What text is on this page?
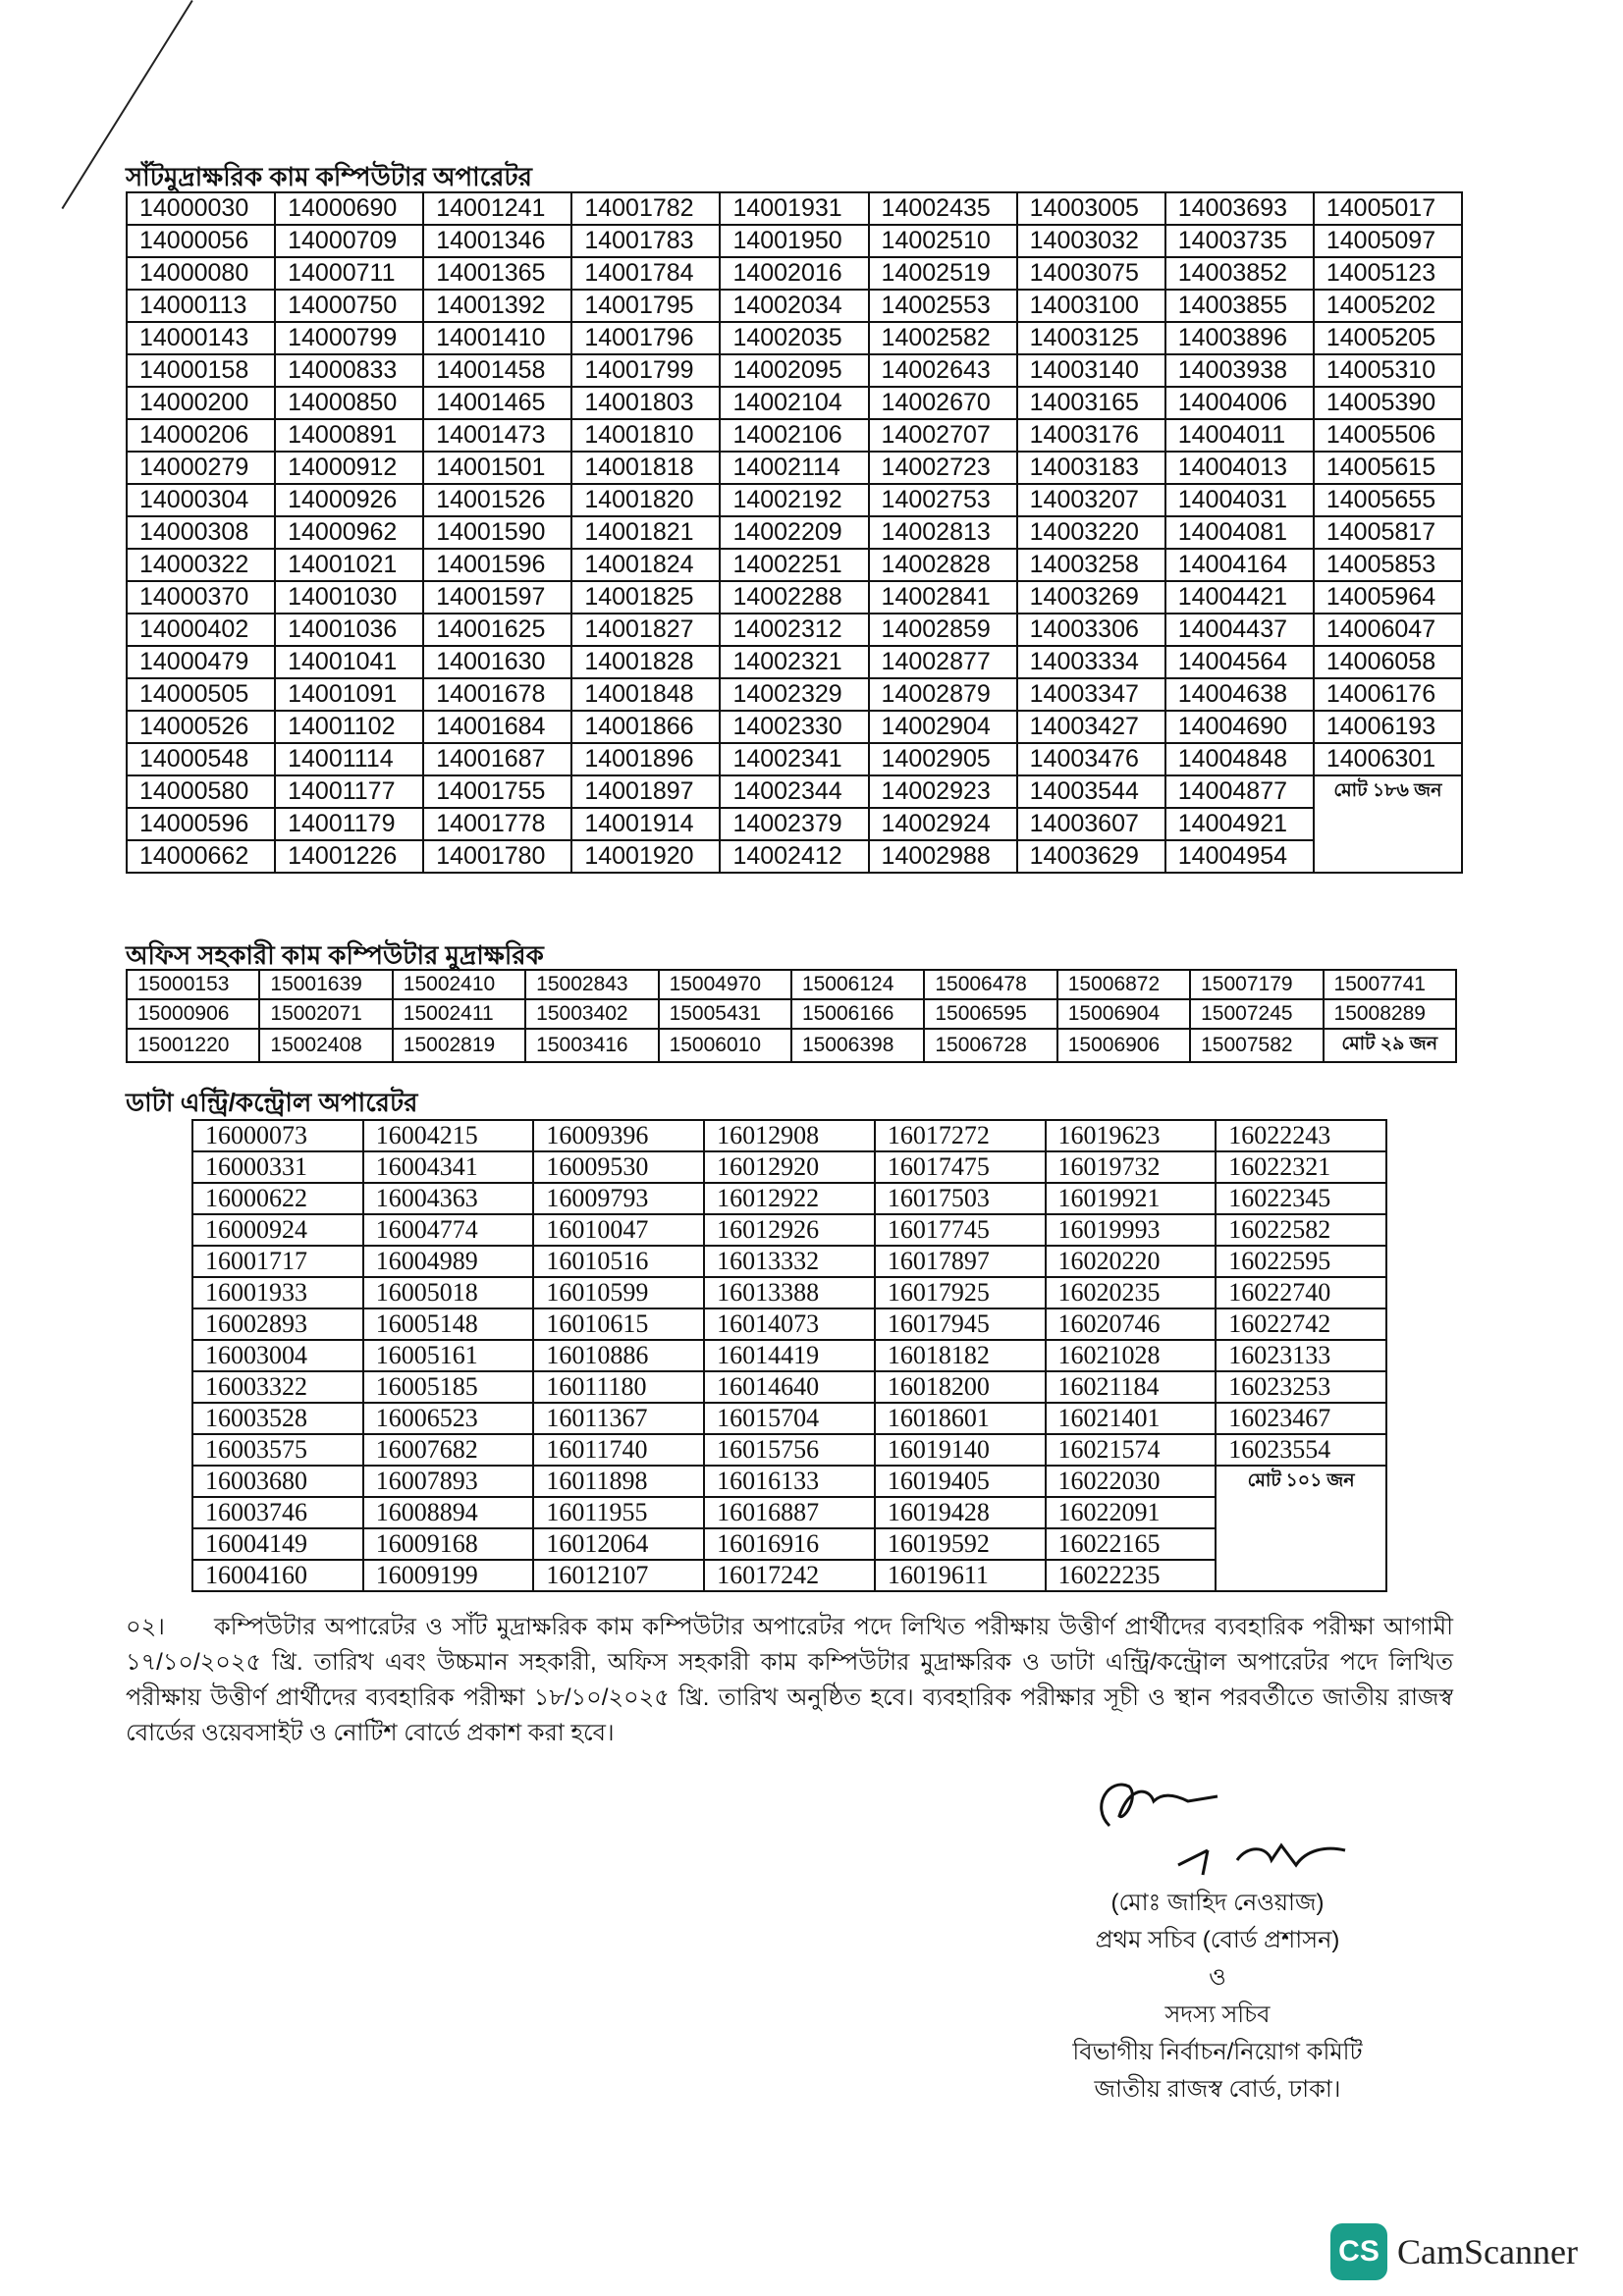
সাঁটমুদ্রাক্ষরিক কাম কম্পিউটার অপারেটর
14000030	14000690	14001241	14001782	14001931	14002435	14003005	14003693	14005017
14000056	14000709	14001346	14001783	14001950	14002510	14003032	14003735	14005097
14000080	14000711	14001365	14001784	14002016	14002519	14003075	14003852	14005123
14000113	14000750	14001392	14001795	14002034	14002553	14003100	14003855	14005202
14000143	14000799	14001410	14001796	14002035	14002582	14003125	14003896	14005205
14000158	14000833	14001458	14001799	14002095	14002643	14003140	14003938	14005310
14000200	14000850	14001465	14001803	14002104	14002670	14003165	14004006	14005390
14000206	14000891	14001473	14001810	14002106	14002707	14003176	14004011	14005506
14000279	14000912	14001501	14001818	14002114	14002723	14003183	14004013	14005615
14000304	14000926	14001526	14001820	14002192	14002753	14003207	14004031	14005655
14000308	14000962	14001590	14001821	14002209	14002813	14003220	14004081	14005817
14000322	14001021	14001596	14001824	14002251	14002828	14003258	14004164	14005853
14000370	14001030	14001597	14001825	14002288	14002841	14003269	14004421	14005964
14000402	14001036	14001625	14001827	14002312	14002859	14003306	14004437	14006047
14000479	14001041	14001630	14001828	14002321	14002877	14003334	14004564	14006058
14000505	14001091	14001678	14001848	14002329	14002879	14003347	14004638	14006176
14000526	14001102	14001684	14001866	14002330	14002904	14003427	14004690	14006193
14000548	14001114	14001687	14001896	14002341	14002905	14003476	14004848	14006301
14000580	14001177	14001755	14001897	14002344	14002923	14003544	14004877	মোট ১৮৬ জন
14000596	14001179	14001778	14001914	14002379	14002924	14003607	14004921	
14000662	14001226	14001780	14001920	14002412	14002988	14003629	14004954	
অফিস সহকারী কাম কম্পিউটার মুদ্রাক্ষরিক
15000153	15001639	15002410	15002843	15004970	15006124	15006478	15006872	15007179	15007741
15000906	15002071	15002411	15003402	15005431	15006166	15006595	15006904	15007245	15008289
15001220	15002408	15002819	15003416	15006010	15006398	15006728	15006906	15007582	মোট ২৯ জন
ডাটা এন্ট্রি/কন্ট্রোল অপারেটর
16000073	16004215	16009396	16012908	16017272	16019623	16022243
16000331	16004341	16009530	16012920	16017475	16019732	16022321
16000622	16004363	16009793	16012922	16017503	16019921	16022345
16000924	16004774	16010047	16012926	16017745	16019993	16022582
16001717	16004989	16010516	16013332	16017897	16020220	16022595
16001933	16005018	16010599	16013388	16017925	16020235	16022740
16002893	16005148	16010615	16014073	16017945	16020746	16022742
16003004	16005161	16010886	16014419	16018182	16021028	16023133
16003322	16005185	16011180	16014640	16018200	16021184	16023253
16003528	16006523	16011367	16015704	16018601	16021401	16023467
16003575	16007682	16011740	16015756	16019140	16021574	16023554
16003680	16007893	16011898	16016133	16019405	16022030	মোট ১০১ জন
16003746	16008894	16011955	16016887	16019428	16022091	
16004149	16009168	16012064	16016916	16019592	16022165	
16004160	16009199	16012107	16017242	16019611	16022235	
০২। কম্পিউটার অপারেটর ও সাঁট মুদ্রাক্ষরিক কাম কম্পিউটার অপারেটর পদে লিখিত পরীক্ষায় উত্তীর্ণ প্রার্থীদের ব্যবহারিক পরীক্ষা আগামী ১৭/১০/২০২৫ খ্রি. তারিখ এবং উচ্চমান সহকারী, অফিস সহকারী কাম কম্পিউটার মুদ্রাক্ষরিক ও ডাটা এন্ট্রি/কন্ট্রোল অপারেটর পদে লিখিত পরীক্ষায় উত্তীর্ণ প্রার্থীদের ব্যবহারিক পরীক্ষা ১৮/১০/২০২৫ খ্রি. তারিখ অনুষ্ঠিত হবে। ব্যবহারিক পরীক্ষার সূচী ও স্থান পরবর্তীতে জাতীয় রাজস্ব বোর্ডের ওয়েবসাইট ও নোটিশ বোর্ডে প্রকাশ করা হবে।
(মোঃ জাহিদ নেওয়াজ)
প্রথম সচিব (বোর্ড প্রশাসন)
ও
সদস্য সচিব
বিভাগীয় নির্বাচন/নিয়োগ কমিটি
জাতীয় রাজস্ব বোর্ড, ঢাকা।
CS CamScanner
